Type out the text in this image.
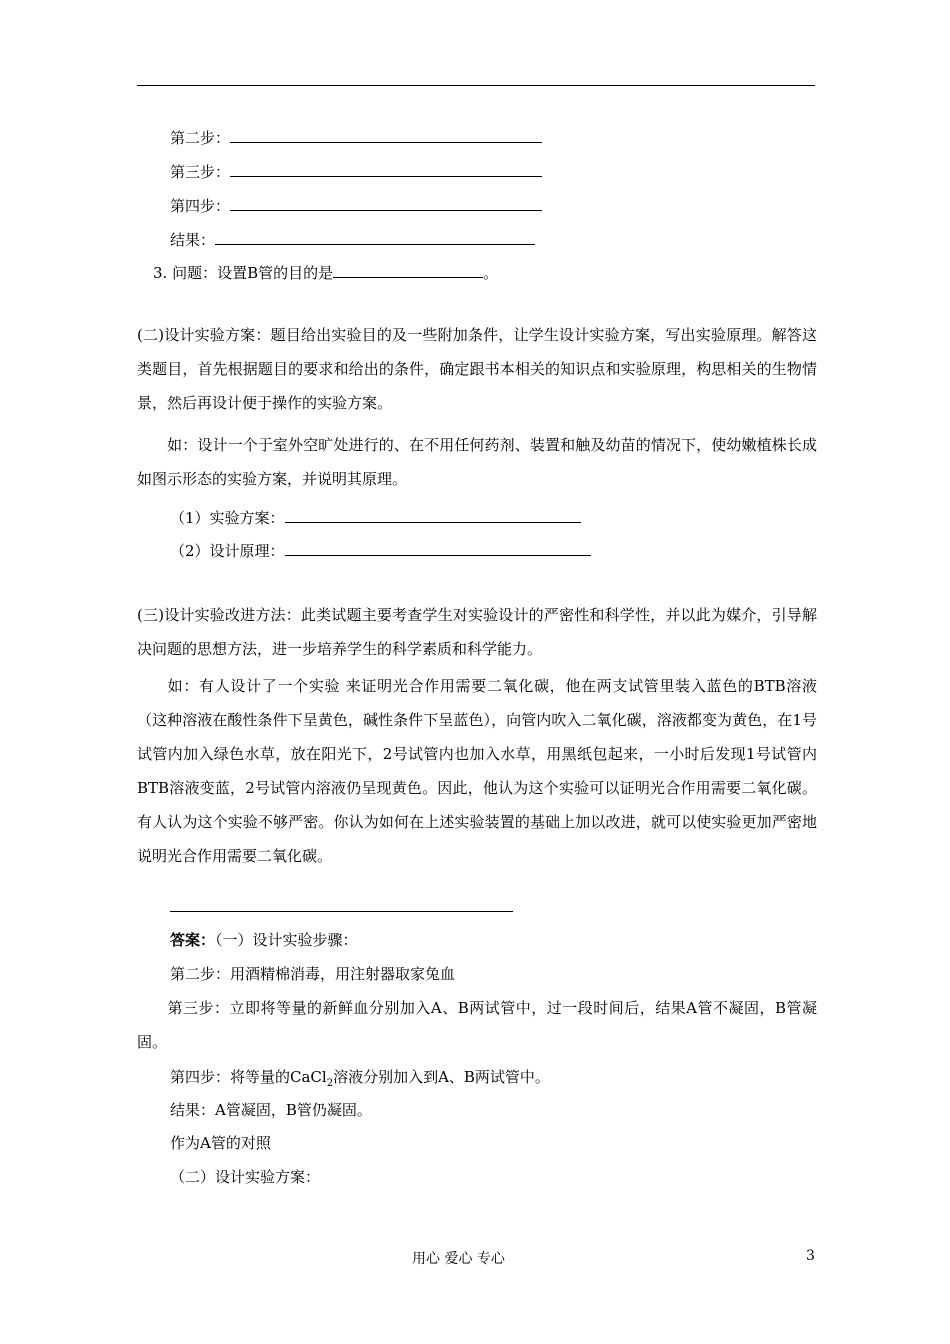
第二步：
第三步：
第四步：
结果：
3. 问题：设置B管的目的是	。
(二)设计实验方案：题目给出实验目的及一些附加条件，让学生设计实验方案，写出实验原理。解答这类题目，首先根据题目的要求和给出的条件，确定跟书本相关的知识点和实验原理，构思相关的生物情景，然后再设计便于操作的实验方案。
如：设计一个于室外空旷处进行的、在不用任何药剂、装置和触及幼苗的情况下，使幼嫩植株长成如图示形态的实验方案，并说明其原理。
（1）实验方案：
（2）设计原理：
(三)设计实验改进方法：此类试题主要考查学生对实验设计的严密性和科学性，并以此为媒介，引导解决问题的思想方法，进一步培养学生的科学素质和科学能力。
如：有人设计了一个实验 来证明光合作用需要二氧化碳，他在两支试管里装入蓝色的BTB溶液（这种溶液在酸性条件下呈黄色，碱性条件下呈蓝色），向管内吹入二氧化碳，溶液都变为黄色，在1号试管内加入绿色水草，放在阳光下，2号试管内也加入水草，用黑纸包起来，一小时后发现1号试管内BTB溶液变蓝，2号试管内溶液仍呈现黄色。因此，他认为这个实验可以证明光合作用需要二氧化碳。有人认为这个实验不够严密。你认为如何在上述实验装置的基础上加以改进，就可以使实验更加严密地说明光合作用需要二氧化碳。
答案：（一）设计实验步骤：
第二步：用酒精棉消毒，用注射器取家兔血
第三步：立即将等量的新鲜血分别加入A、B两试管中，过一段时间后，结果A管不凝固，B管凝固。
第四步：将等量的CaCl$_2$溶液分别加入到A、B两试管中。
结果：A管凝固，B管仍凝固。
作为A管的对照
（二）设计实验方案：
用心 爱心 专心	3
